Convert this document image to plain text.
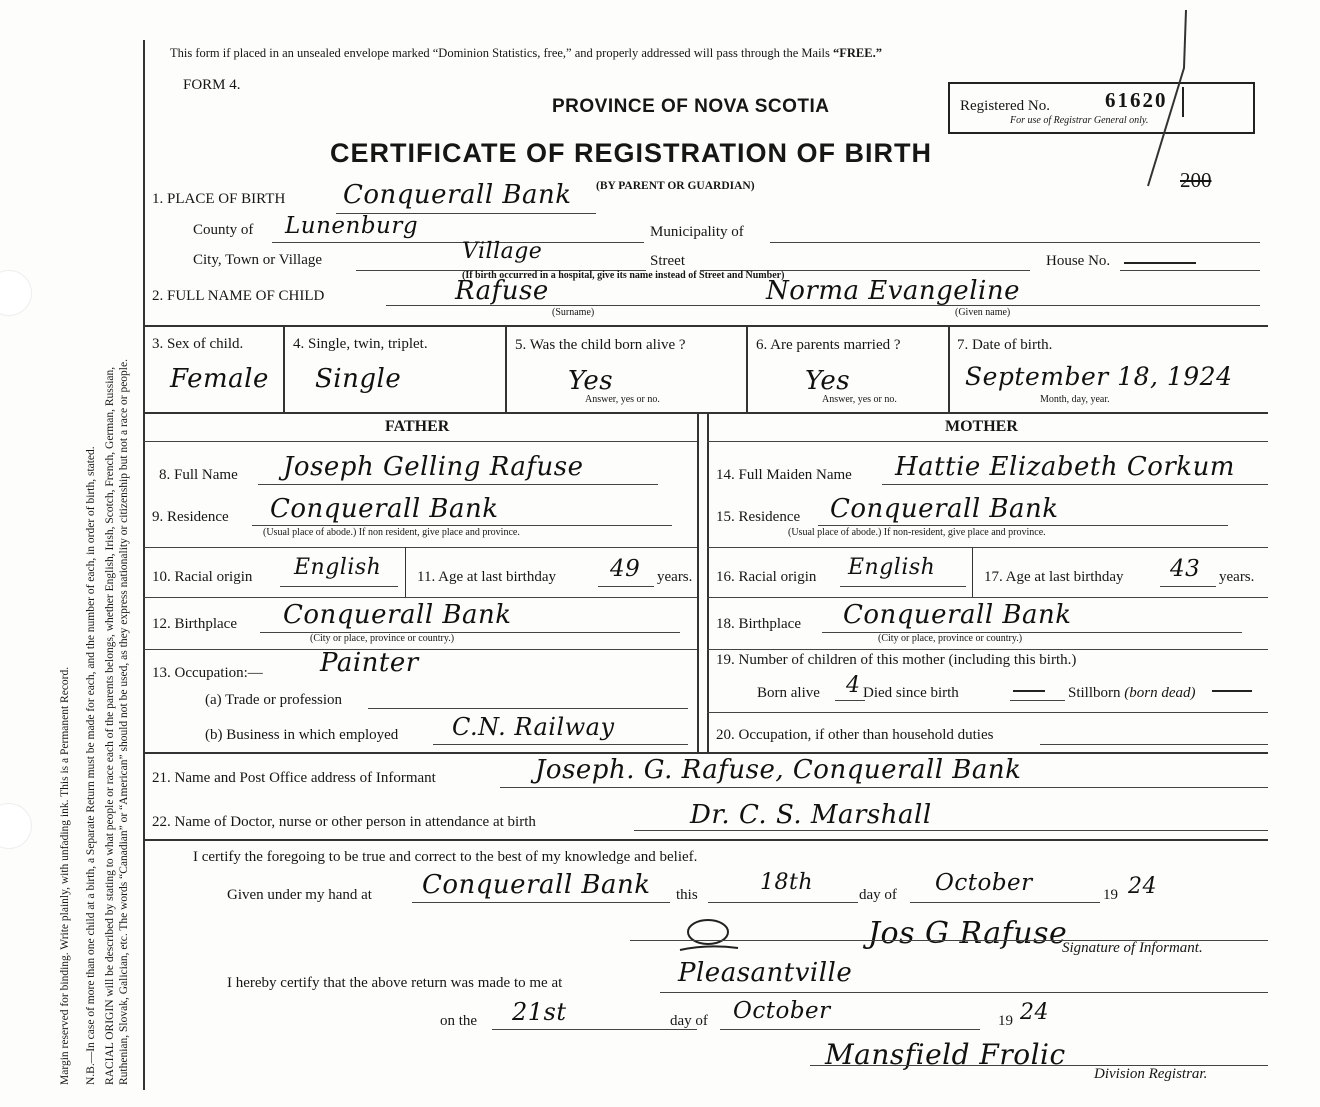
Margin reserved for binding. Write plainly, with unfading ink. This is a Permanent Record. N.B.—In case of more than one child at a birth, a Separate Return must be made for each, and the number of each, in order of birth, stated. RACIAL ORIGIN will be described by stating to what people or race each of the parents belongs, whether English, Irish, Scotch, French, German, Russian, Ruthenian, Slovak, Galician, etc. The words “Canadian” or “American” should not be used, as they express nationality or citizenship but not a race or people.
This form if placed in an unsealed envelope marked “Dominion Statistics, free,” and properly addressed will pass through the Mails “FREE.”
FORM 4.
PROVINCE OF NOVA SCOTIA
CERTIFICATE OF REGISTRATION OF BIRTH
(BY PARENT OR GUARDIAN)
Registered No.	61620
For use of Registrar General only.
200
1. PLACE OF BIRTH Conquerall Bank
County of Lunenburg	Municipality of
City, Town or Village	Village	Street	House No.
(If birth occurred in a hospital, give its name instead of Street and Number)
2. FULL NAME OF CHILD	Rafuse	Norma Evangeline
(Surname)	(Given name)
3. Sex of child.
Female
4. Single, twin, triplet.
Single
5. Was the child born alive ?
Yes
Answer, yes or no.
6. Are parents married ?
Yes
Answer, yes or no.
7. Date of birth.
September 18, 1924
Month, day, year.
FATHER	MOTHER
8. Full Name Joseph Gelling Rafuse	14. Full Maiden Name Hattie Elizabeth Corkum
9. Residence Conquerall Bank
(Usual place of abode.) If non resident, give place and province.
15. Residence Conquerall Bank
(Usual place of abode.) If non-resident, give place and province.
10. Racial origin English 11. Age at last birthday 49 years. 16. Racial origin English	17. Age at last birthday 43 years.
12. Birthplace Conquerall Bank
(City or place, province or country.)
18. Birthplace Conquerall Bank
(City or place, province or country.)
13. Occupation:— Painter
(a) Trade or profession
(b) Business in which employed C.N. Railway
19. Number of children of this mother (including this birth.)
Born alive 4 Died since birth	Stillborn (born dead)
20. Occupation, if other than household duties
21. Name and Post Office address of Informant	Joseph. G. Rafuse, Conquerall Bank
22. Name of Doctor, nurse or other person in attendance at birth	Dr. C. S. Marshall
I certify the foregoing to be true and correct to the best of my knowledge and belief.
Given under my hand at Conquerall Bank this	18th	day of October	19 24
Jos G Rafuse
Signature of Informant.
I hereby certify that the above return was made to me at	Pleasantville
on the 21st	day of October	19 24
Mansfield Frolic
Division Registrar.
